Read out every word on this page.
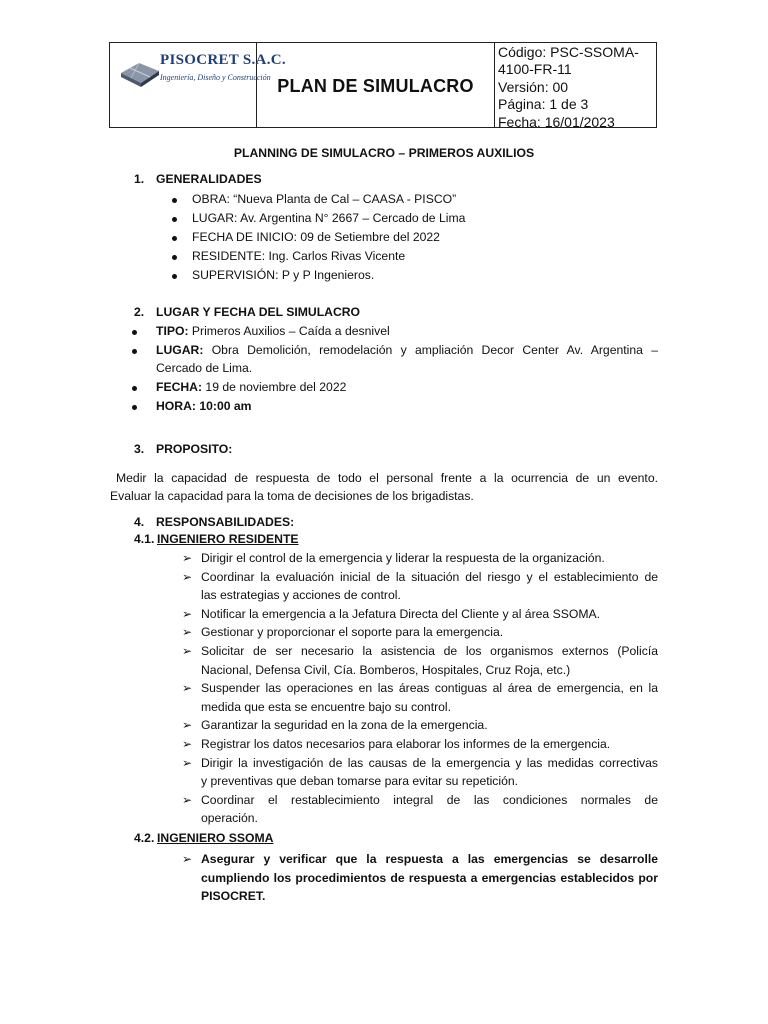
PISOCRET S.A.C.
Ingeniería, Diseño y Construcción PLAN DE SIMULACRO
Código: PSC-SSOMA-
4100-FR-11
Versión: 00
Página: 1 de 3
Fecha: 16/01/2023
PLANNING DE SIMULACRO – PRIMEROS AUXILIOS
1. GENERALIDADES
OBRA: “Nueva Planta de Cal – CAASA - PISCO”
LUGAR: Av. Argentina N° 2667 – Cercado de Lima
FECHA DE INICIO: 09 de Setiembre del 2022
RESIDENTE: Ing. Carlos Rivas Vicente
SUPERVISIÓN: P y P Ingenieros.
2. LUGAR Y FECHA DEL SIMULACRO
TIPO: Primeros Auxilios – Caída a desnivel
LUGAR: Obra Demolición, remodelación y ampliación Decor Center Av. Argentina –
Cercado de Lima.
FECHA: 19 de noviembre del 2022
HORA: 10:00 am
3. PROPOSITO:
Medir la capacidad de respuesta de todo el personal frente a la ocurrencia de un evento.
Evaluar la capacidad para la toma de decisiones de los brigadistas.
4. RESPONSABILIDADES:
4.1. INGENIERO RESIDENTE
➢ Dirigir el control de la emergencia y liderar la respuesta de la organización.
➢ Coordinar la evaluación inicial de la situación del riesgo y el establecimiento de
las estrategias y acciones de control.
➢ Notificar la emergencia a la Jefatura Directa del Cliente y al área SSOMA.
➢ Gestionar y proporcionar el soporte para la emergencia.
➢ Solicitar de ser necesario la asistencia de los organismos externos (Policía
Nacional, Defensa Civil, Cía. Bomberos, Hospitales, Cruz Roja, etc.)
➢ Suspender las operaciones en las áreas contiguas al área de emergencia, en la
medida que esta se encuentre bajo su control.
➢ Garantizar la seguridad en la zona de la emergencia.
➢ Registrar los datos necesarios para elaborar los informes de la emergencia.
➢ Dirigir la investigación de las causas de la emergencia y las medidas correctivas
y preventivas que deban tomarse para evitar su repetición.
➢ Coordinar el restablecimiento integral de las condiciones normales de
operación.
4.2. INGENIERO SSOMA
➢ Asegurar y verificar que la respuesta a las emergencias se desarrolle
cumpliendo los procedimientos de respuesta a emergencias establecidos por
PISOCRET.
